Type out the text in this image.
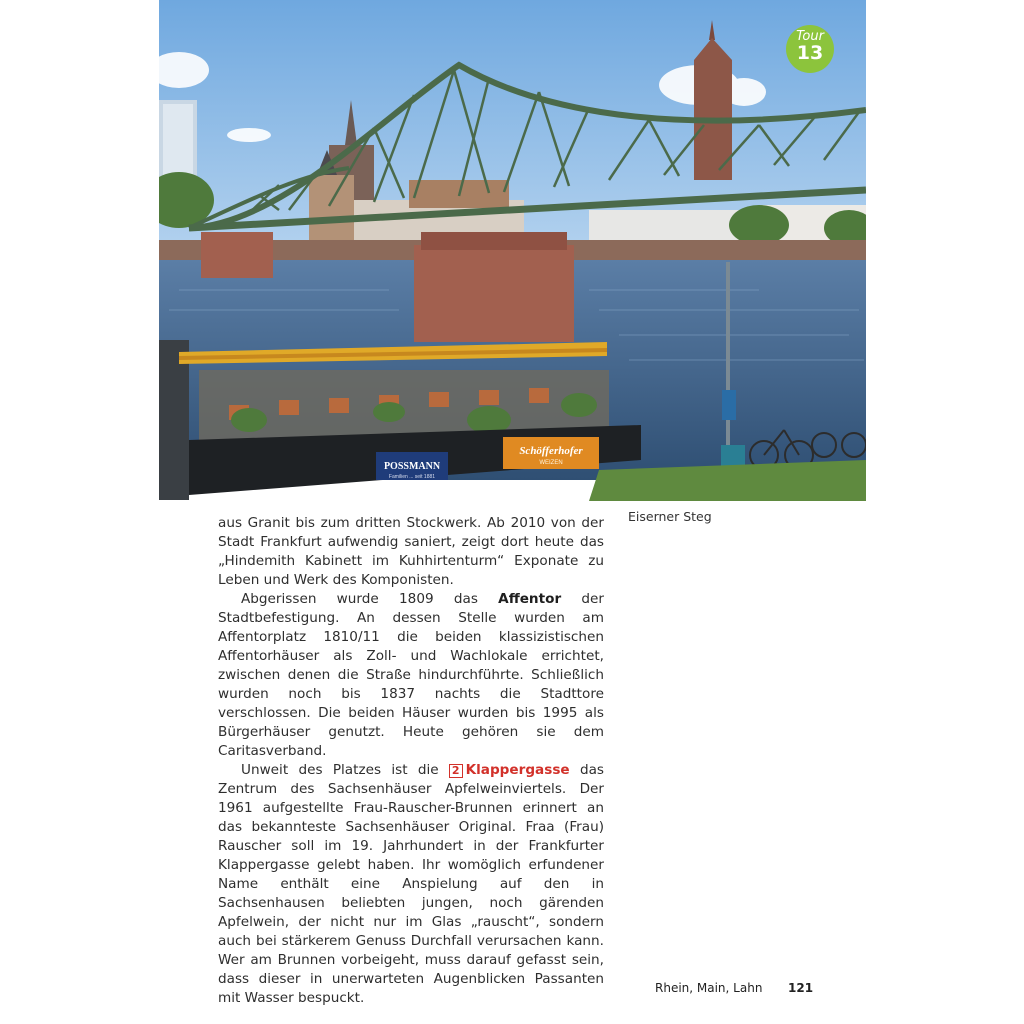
POSSMANN
Familien ... seit 1881
Schöfferhofer
WEIZEN
Tour
13
Eiserner Steg

aus Granit bis zum dritten Stockwerk. Ab 2010 von der Stadt Frankfurt aufwendig saniert, zeigt dort heute das „Hindemith Kabinett im Kuhhirtenturm“ Exponate zu Leben und Werk des Komponisten.

Abgerissen wurde 1809 das Affentor der Stadtbefestigung. An dessen Stelle wurden am Affentorplatz 1810/11 die beiden klassizistischen Affentorhäuser als Zoll- und Wachlokale errichtet, zwischen denen die Straße hindurchführte. Schließlich wurden noch bis 1837 nachts die Stadttore verschlossen. Die beiden Häuser wurden bis 1995 als Bürgerhäuser genutzt. Heute gehören sie dem Caritasverband.

Unweit des Platzes ist die 2 Klappergasse das Zentrum des Sachsenhäuser Apfelweinviertels. Der 1961 aufgestellte Frau-Rauscher-Brunnen erinnert an das bekannteste Sachsenhäuser Original. Fraa (Frau) Rauscher soll im 19. Jahrhundert in der Frankfurter Klappergasse gelebt haben. Ihr womöglich erfundener Name enthält eine Anspielung auf den in Sachsenhausen beliebten jungen, noch gärenden Apfelwein, der nicht nur im Glas „rauscht“, sondern auch bei stärkerem Genuss Durchfall verursachen kann. Wer am Brunnen vorbeigeht, muss darauf gefasst sein, dass dieser in unerwarteten Augenblicken Passanten mit Wasser bespuckt.

Rhein, Main, Lahn 121
